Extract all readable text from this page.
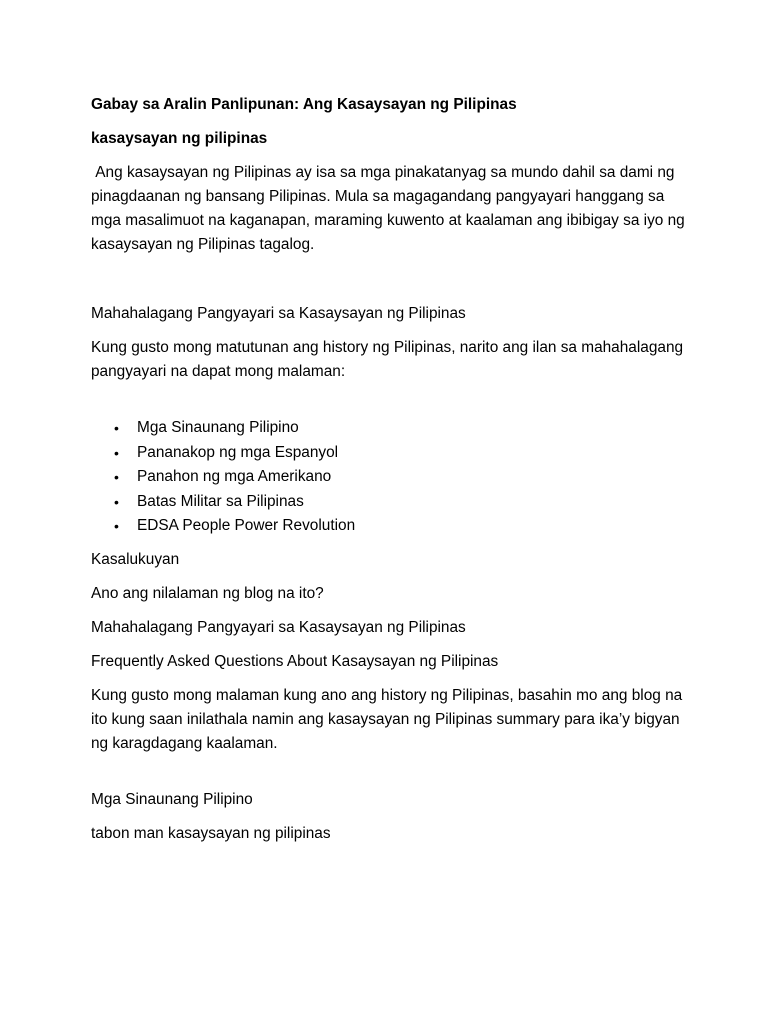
Gabay sa Aralin Panlipunan: Ang Kasaysayan ng Pilipinas
kasaysayan ng pilipinas
Ang kasaysayan ng Pilipinas ay isa sa mga pinakatanyag sa mundo dahil sa dami ng pinagdaanan ng bansang Pilipinas. Mula sa magagandang pangyayari hanggang sa mga masalimuot na kaganapan, maraming kuwento at kaalaman ang ibibigay sa iyo ng kasaysayan ng Pilipinas tagalog.
Mahahalagang Pangyayari sa Kasaysayan ng Pilipinas
Kung gusto mong matutunan ang history ng Pilipinas, narito ang ilan sa mahahalagang pangyayari na dapat mong malaman:
• Mga Sinaunang Pilipino
• Pananakop ng mga Espanyol
• Panahon ng mga Amerikano
• Batas Militar sa Pilipinas
• EDSA People Power Revolution
Kasalukuyan
Ano ang nilalaman ng blog na ito?
Mahahalagang Pangyayari sa Kasaysayan ng Pilipinas
Frequently Asked Questions About Kasaysayan ng Pilipinas
Kung gusto mong malaman kung ano ang history ng Pilipinas, basahin mo ang blog na ito kung saan inilathala namin ang kasaysayan ng Pilipinas summary para ika’y bigyan ng karagdagang kaalaman.
Mga Sinaunang Pilipino
tabon man kasaysayan ng pilipinas
